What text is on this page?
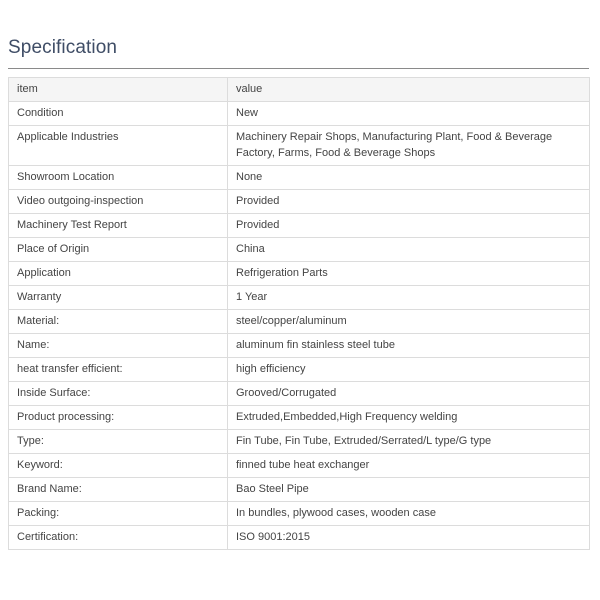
Specification
item	value
Condition	New
Applicable Industries	Machinery Repair Shops, Manufacturing Plant, Food & Beverage Factory, Farms, Food & Beverage Shops
Showroom Location	None
Video outgoing-inspection	Provided
Machinery Test Report	Provided
Place of Origin	China
Application	Refrigeration Parts
Warranty	1 Year
Material:	steel/copper/aluminum
Name:	aluminum fin stainless steel tube
heat transfer efficient:	high efficiency
Inside Surface:	Grooved/Corrugated
Product processing:	Extruded,Embedded,High Frequency welding
Type:	Fin Tube, Fin Tube, Extruded/Serrated/L type/G type
Keyword:	finned tube heat exchanger
Brand Name:	Bao Steel Pipe
Packing:	In bundles, plywood cases, wooden case
Certification:	ISO 9001:2015
